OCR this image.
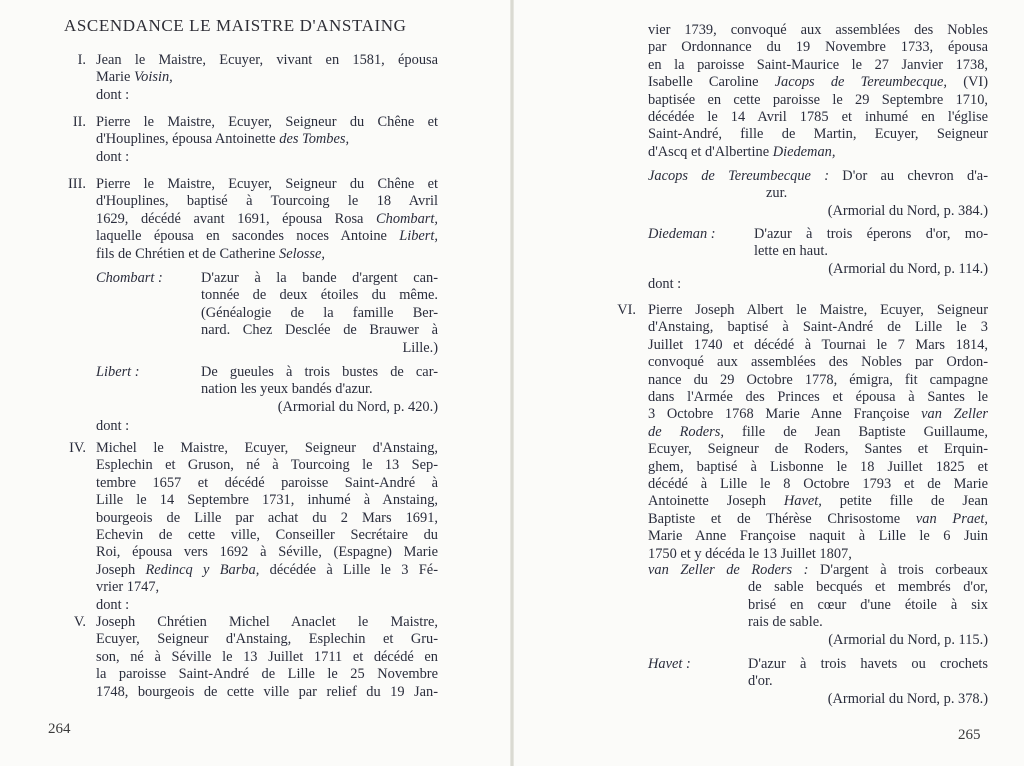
ASCENDANCE LE MAISTRE D'ANSTAING
I. Jean le Maistre, Ecuyer, vivant en 1581, épousa
Marie Voisin,
dont :
II. Pierre le Maistre, Ecuyer, Seigneur du Chêne et
d'Houplines, épousa Antoinette des Tombes,
dont :
III. Pierre le Maistre, Ecuyer, Seigneur du Chêne et
d'Houplines, baptisé à Tourcoing le 18 Avril
1629, décédé avant 1691, épousa Rosa Chombart,
laquelle épousa en sacondes noces Antoine Libert,
fils de Chrétien et de Catherine Selosse,
Chombart :	D'azur à la bande d'argent can-
tonnée de deux étoiles du même.
(Généalogie de la famille Ber-
nard. Chez Desclée de Brauwer à
Lille.)
Libert :	De gueules à trois bustes de car-
nation les yeux bandés d'azur.
(Armorial du Nord, p. 420.)
dont :
IV. Michel le Maistre, Ecuyer, Seigneur d'Anstaing,
Esplechin et Gruson, né à Tourcoing le 13 Sep-
tembre 1657 et décédé paroisse Saint-André à
Lille le 14 Septembre 1731, inhumé à Anstaing,
bourgeois de Lille par achat du 2 Mars 1691,
Echevin de cette ville, Conseiller Secrétaire du
Roi, épousa vers 1692 à Séville, (Espagne) Marie
Joseph Redincq y Barba, décédée à Lille le 3 Fé-
vrier 1747,
dont :
V. Joseph Chrétien Michel Anaclet le Maistre,
Ecuyer, Seigneur d'Anstaing, Esplechin et Gru-
son, né à Séville le 13 Juillet 1711 et décédé en
la paroisse Saint-André de Lille le 25 Novembre
1748, bourgeois de cette ville par relief du 19 Jan-
264
vier 1739, convoqué aux assemblées des Nobles
par Ordonnance du 19 Novembre 1733, épousa
en la paroisse Saint-Maurice le 27 Janvier 1738,
Isabelle Caroline Jacops de Tereumbecque, (VI)
baptisée en cette paroisse le 29 Septembre 1710,
décédée le 14 Avril 1785 et inhumé en l'église
Saint-André, fille de Martin, Ecuyer, Seigneur
d'Ascq et d'Albertine Diedeman,
Jacops de Tereumbecque : D'or au chevron d'a-
zur.
(Armorial du Nord, p. 384.)
Diedeman :	D'azur à trois éperons d'or, mo-
lette en haut.
(Armorial du Nord, p. 114.)
dont :
VI. Pierre Joseph Albert le Maistre, Ecuyer, Seigneur
d'Anstaing, baptisé à Saint-André de Lille le 3
Juillet 1740 et décédé à Tournai le 7 Mars 1814,
convoqué aux assemblées des Nobles par Ordon-
nance du 29 Octobre 1778, émigra, fit campagne
dans l'Armée des Princes et épousa à Santes le
3 Octobre 1768 Marie Anne Françoise van Zeller
de Roders, fille de Jean Baptiste Guillaume,
Ecuyer, Seigneur de Roders, Santes et Erquin-
ghem, baptisé à Lisbonne le 18 Juillet 1825 et
décédé à Lille le 8 Octobre 1793 et de Marie
Antoinette Joseph Havet, petite fille de Jean
Baptiste et de Thérèse Chrisostome van Praet,
Marie Anne Françoise naquit à Lille le 6 Juin
1750 et y décéda le 13 Juillet 1807,
van Zeller de Roders : D'argent à trois corbeaux
de sable becqués et membrés d'or,
brisé en cœur d'une étoile à six
rais de sable.
(Armorial du Nord, p. 115.)
Havet :	D'azur à trois havets ou crochets
d'or.
(Armorial du Nord, p. 378.)
265
